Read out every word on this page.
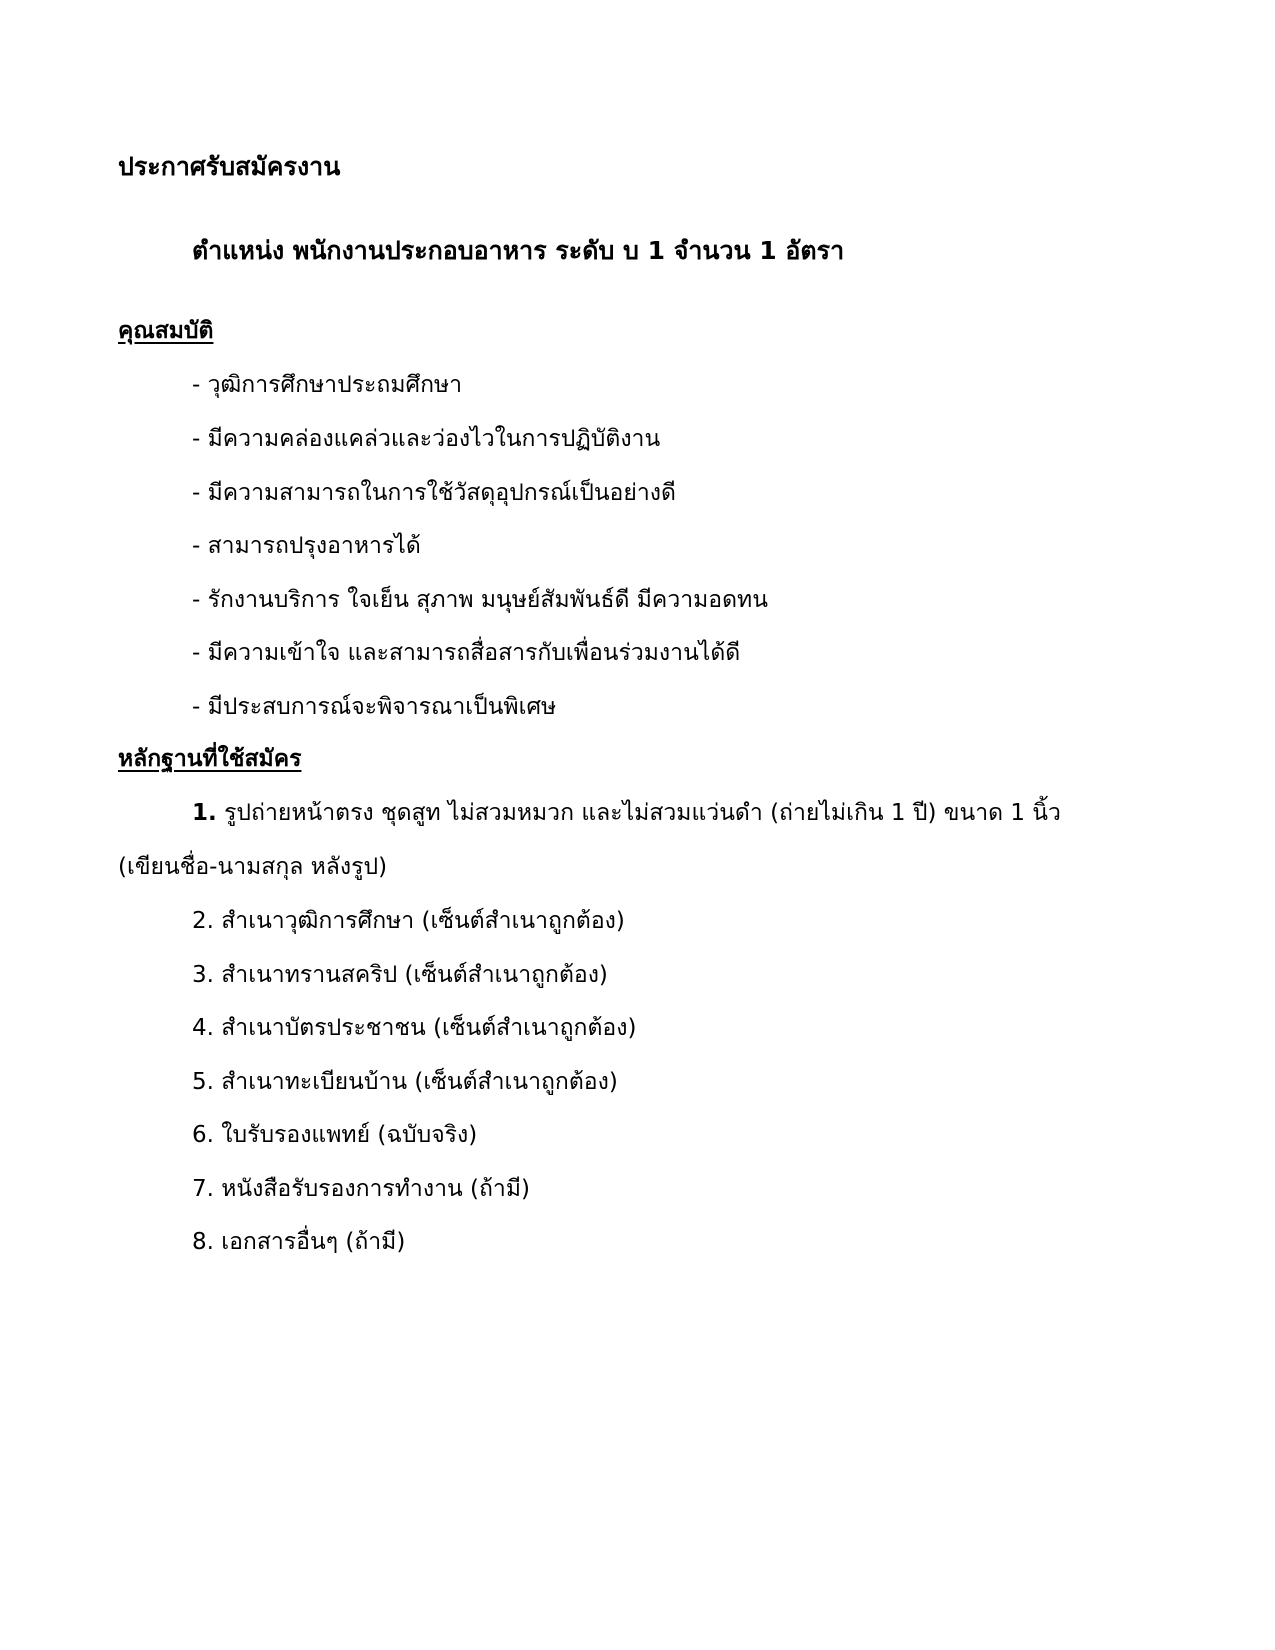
ประกาศรับสมัครงาน
ตำแหน่ง พนักงานประกอบอาหาร ระดับ บ 1 จำนวน 1 อัตรา
คุณสมบัติ
- วุฒิการศึกษาประถมศึกษา
- มีความคล่องแคล่วและว่องไวในการปฏิบัติงาน
- มีความสามารถในการใช้วัสดุอุปกรณ์เป็นอย่างดี
- สามารถปรุงอาหารได้
- รักงานบริการ ใจเย็น สุภาพ มนุษย์สัมพันธ์ดี มีความอดทน
- มีความเข้าใจ และสามารถสื่อสารกับเพื่อนร่วมงานได้ดี
- มีประสบการณ์จะพิจารณาเป็นพิเศษ
หลักฐานที่ใช้สมัคร
1. รูปถ่ายหน้าตรง ชุดสูท ไม่สวมหมวก และไม่สวมแว่นดำ (ถ่ายไม่เกิน 1 ปี) ขนาด 1 นิ้ว
(เขียนชื่อ-นามสกุล หลังรูป)
2. สำเนาวุฒิการศึกษา (เซ็นต์สำเนาถูกต้อง)
3. สำเนาทรานสคริป (เซ็นต์สำเนาถูกต้อง)
4. สำเนาบัตรประชาชน (เซ็นต์สำเนาถูกต้อง)
5. สำเนาทะเบียนบ้าน (เซ็นต์สำเนาถูกต้อง)
6. ใบรับรองแพทย์ (ฉบับจริง)
7. หนังสือรับรองการทำงาน (ถ้ามี)
8. เอกสารอื่นๆ (ถ้ามี)
